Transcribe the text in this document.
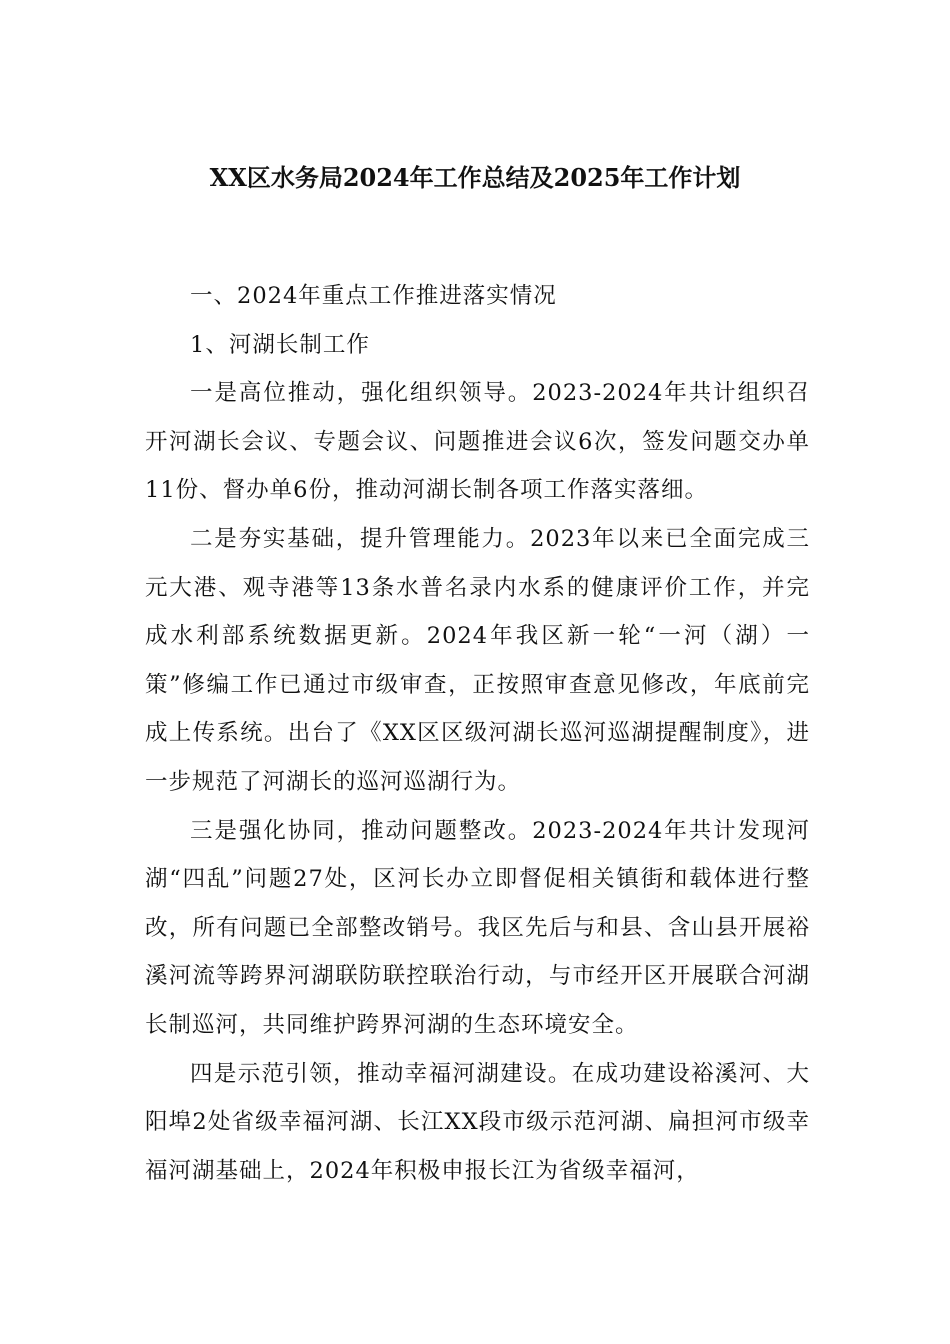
XX区水务局2024年工作总结及2025年工作计划

一、2024年重点工作推进落实情况

1、河湖长制工作

一是高位推动，强化组织领导。2023-2024年共计组织召开河湖长会议、专题会议、问题推进会议6次，签发问题交办单11份、督办单6份，推动河湖长制各项工作落实落细。

二是夯实基础，提升管理能力。2023年以来已全面完成三元大港、观寺港等13条水普名录内水系的健康评价工作，并完成水利部系统数据更新。2024年我区新一轮“一河（湖）一策”修编工作已通过市级审查，正按照审查意见修改，年底前完成上传系统。出台了《XX区区级河湖长巡河巡湖提醒制度》，进一步规范了河湖长的巡河巡湖行为。

三是强化协同，推动问题整改。2023-2024年共计发现河湖“四乱”问题27处，区河长办立即督促相关镇街和载体进行整改，所有问题已全部整改销号。我区先后与和县、含山县开展裕溪河流等跨界河湖联防联控联治行动，与市经开区开展联合河湖长制巡河，共同维护跨界河湖的生态环境安全。

四是示范引领，推动幸福河湖建设。在成功建设裕溪河、大阳埠2处省级幸福河湖、长江XX段市级示范河湖、扁担河市级幸福河湖基础上，2024年积极申报长江为省级幸福河，
